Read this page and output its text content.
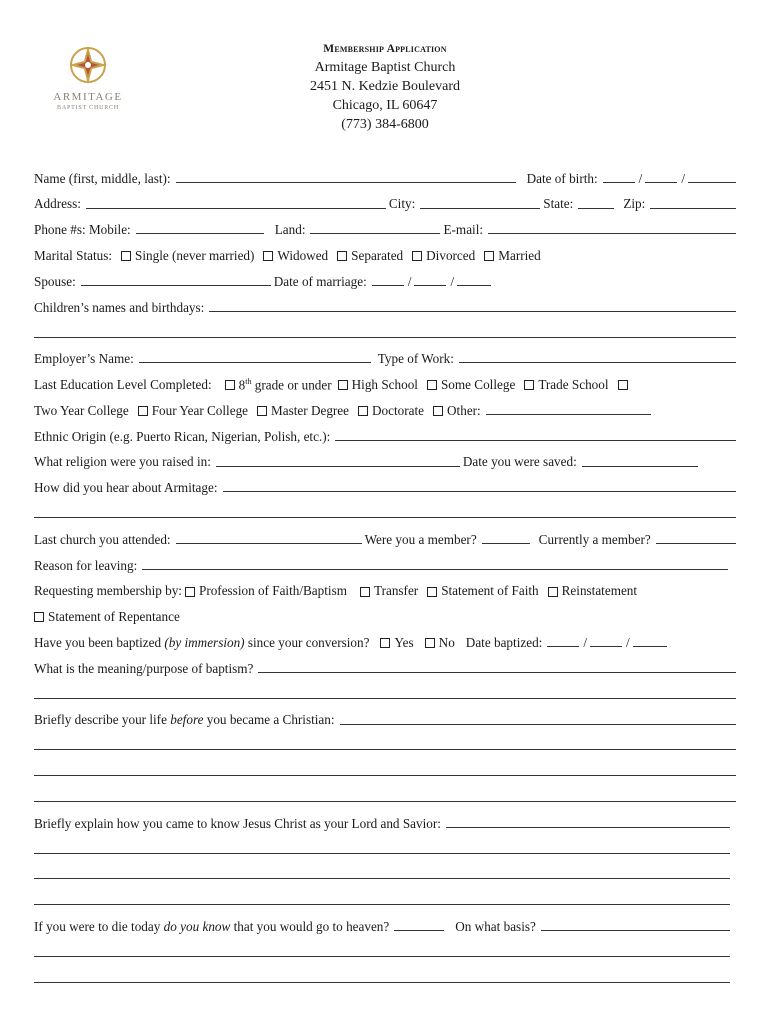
ARMITAGE
BAPTIST CHURCH
Membership Application
Armitage Baptist Church
2451 N. Kedzie Boulevard
Chicago, IL 60647
(773) 384-6800
Name (first, middle, last):	Date of birth:	/	/
Address:	City:	State:	Zip:
Phone #s: Mobile:	Land:	E-mail:
Marital Status: Single (never married) Widowed Separated Divorced Married
Spouse:	Date of marriage:	/	/
Children’s names and birthdays:
Employer’s Name:	Type of Work:
Last Education Level Completed: 8th grade or under High School Some College Trade School
Two Year College Four Year College Master Degree Doctorate Other:
Ethnic Origin (e.g. Puerto Rican, Nigerian, Polish, etc.):
What religion were you raised in:	Date you were saved:
How did you hear about Armitage:
Last church you attended:	Were you a member?	Currently a member?
Reason for leaving:
Requesting membership by: Profession of Faith/Baptism Transfer Statement of Faith Reinstatement
Statement of Repentance
Have you been baptized (by immersion) since your conversion? Yes No Date baptized:	/	/
What is the meaning/purpose of baptism?
Briefly describe your life before you became a Christian:
Briefly explain how you came to know Jesus Christ as your Lord and Savior:
If you were to die today do you know that you would go to heaven?	On what basis?
